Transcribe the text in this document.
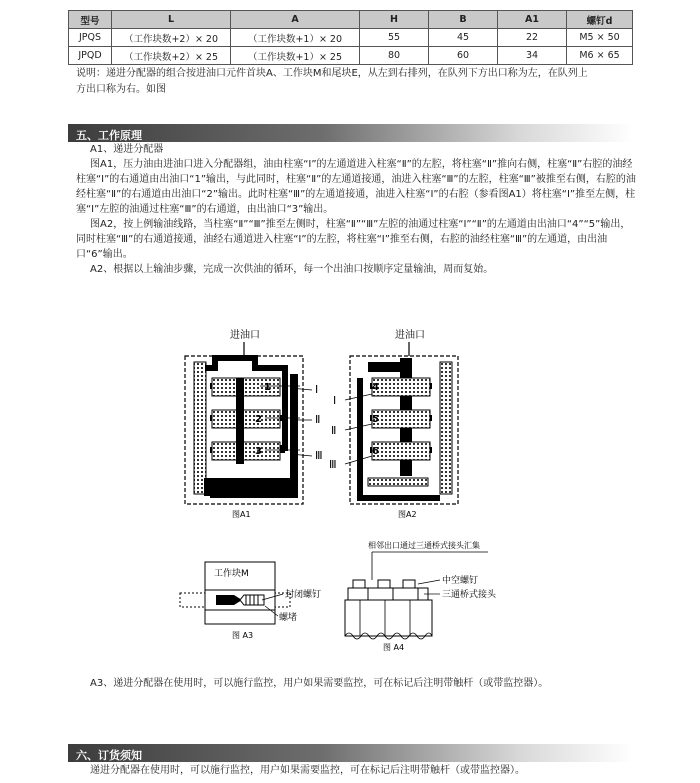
型号	L	A	H	B	A1	螺钉d
JPQS	（工作块数+2）× 20	（工作块数+1）× 20	55	45	22	M5 × 50
JPQD	（工作块数+2）× 25	（工作块数+1）× 25	80	60	34	M6 × 65
说明：递进分配器的组合按进油口元件首块A、工作块M和尾块E，从左到右排列，在队列下方出口称为左，在队列上
方出口称为右。如图
五、工作原理
A1、递进分配器
图A1，压力油由进油口进入分配器组，油由柱塞“Ⅰ”的左通道进入柱塞“Ⅱ”的左腔，将柱塞“Ⅱ”推向右侧，柱塞“Ⅱ”右腔的油经柱塞“Ⅰ”的右通道由出油口“1”输出，与此同时，柱塞“Ⅱ”的左通道接通，油进入柱塞“Ⅲ”的左腔，柱塞“Ⅲ”被推至右侧，右腔的油经柱塞“Ⅱ”的右通道由出油口“2”输出。此时柱塞“Ⅲ”的左通道接通，油进入柱塞“Ⅰ”的右腔（参看图A1）将柱塞“Ⅰ”推至左侧，柱塞“Ⅰ”左腔的油通过柱塞“Ⅲ”的右通道，由出油口“3”输出。
图A2，按上例输油线路，当柱塞“Ⅱ”“Ⅲ”推至左侧时，柱塞“Ⅱ”“Ⅲ”左腔的油通过柱塞“Ⅰ”“Ⅱ”的左通道由出油口“4”“5”输出，同时柱塞“Ⅲ”的右通道接通，油经右通道进入柱塞“Ⅰ”的左腔，将柱塞“Ⅰ”推至右侧，右腔的油经柱塞“Ⅲ”的左通道，由出油口“6”输出。
A2、根据以上输油步骤，完成一次供油的循环，每一个出油口按顺序定量输油，周而复始。
进油口
1
2
3
Ⅰ
Ⅱ
Ⅲ
图A1
进油口
4
5
6
Ⅰ
Ⅱ
Ⅲ
图A2
工作块M
封闭螺钉
螺堵
图 A3
相邻出口通过三通桥式接头汇集
中空螺钉
三通桥式接头
图 A4
A3、递进分配器在使用时，可以施行监控，用户如果需要监控，可在标记后注明带触杆（或带监控器）。
六、订货须知
递进分配器在使用时，可以施行监控，用户如果需要监控，可在标记后注明带触杆（或带监控器）。
